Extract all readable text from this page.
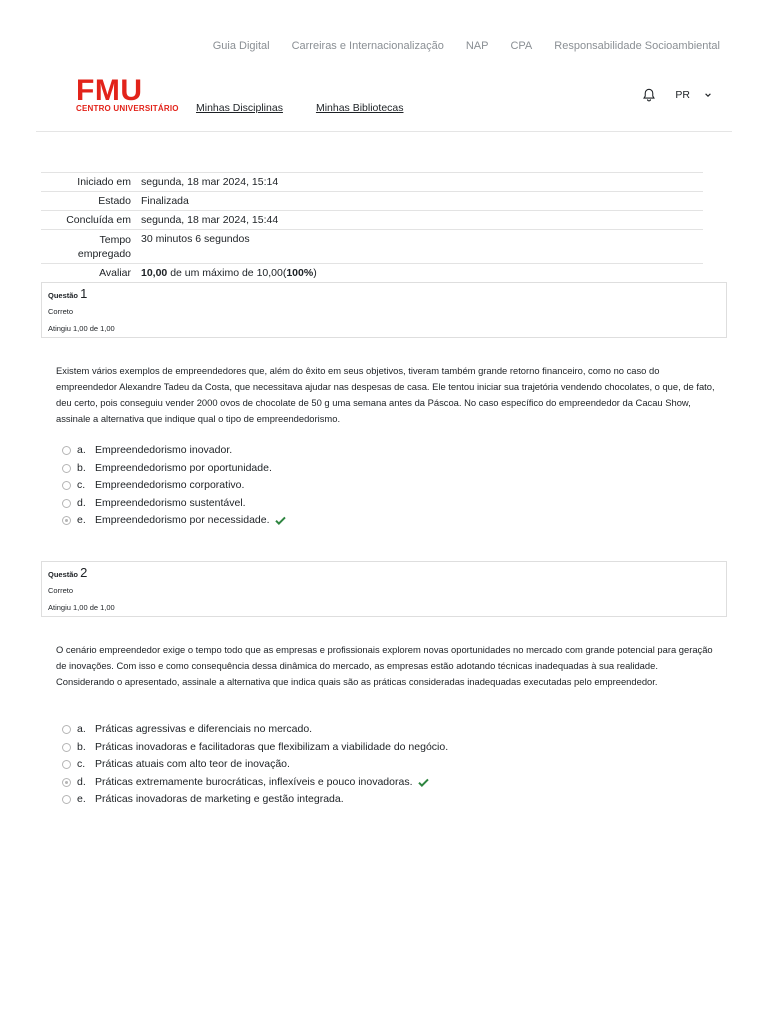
Guia Digital Carreiras e Internacionalização NAP CPA Responsabilidade Socioambiental
FMU
CENTRO UNIVERSITÁRIO Minhas Disciplinas	Minhas Bibliotecas
PR
Iniciado em	segunda, 18 mar 2024, 15:14
Estado	Finalizada
Concluída em	segunda, 18 mar 2024, 15:44

Tempo
empregado	30 minutos 6 segundos
Avaliar	10,00 de um máximo de 10,00(100%)
Questão 1
Correto
Atingiu 1,00 de 1,00
Existem vários exemplos de empreendedores que, além do êxito em seus objetivos, tiveram também grande retorno financeiro, como no caso do empreendedor Alexandre Tadeu da Costa, que necessitava ajudar nas despesas de casa. Ele tentou iniciar sua trajetória vendendo chocolates, o que, de fato, deu certo, pois conseguiu vender 2000 ovos de chocolate de 50 g uma semana antes da Páscoa. No caso específico do empreendedor da Cacau Show, assinale a alternativa que indique qual o tipo de empreendedorismo.
a. Empreendedorismo inovador.
b. Empreendedorismo por oportunidade.
c. Empreendedorismo corporativo.
d. Empreendedorismo sustentável.
e. Empreendedorismo por necessidade.
Questão 2
Correto
Atingiu 1,00 de 1,00
O cenário empreendedor exige o tempo todo que as empresas e profissionais explorem novas oportunidades no mercado com grande potencial para geração de inovações. Com isso e como consequência dessa dinâmica do mercado, as empresas estão adotando técnicas inadequadas à sua realidade. Considerando o apresentado, assinale a alternativa que indica quais são as práticas consideradas inadequadas executadas pelo empreendedor.
a. Práticas agressivas e diferenciais no mercado.
b. Práticas inovadoras e facilitadoras que flexibilizam a viabilidade do negócio.
c. Práticas atuais com alto teor de inovação.
d. Práticas extremamente burocráticas, inflexíveis e pouco inovadoras.
e. Práticas inovadoras de marketing e gestão integrada.
